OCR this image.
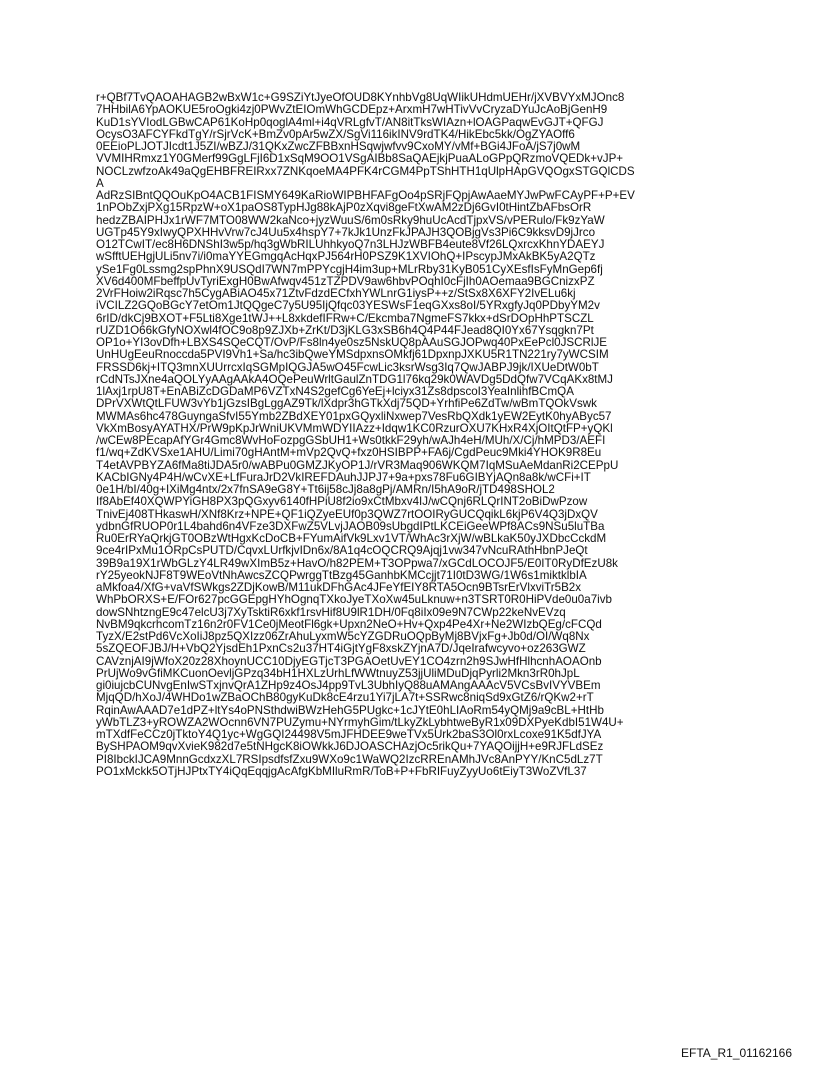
r+QBf7TvQAOAHAGB2wBxW1c+G9SZiYtJyeOfOUD8KYnhbVg8UqWIikUHdmUEHr/jXVBVYxMJOnc8
7HHbilA6YpAOKUE5roOgki4zj0PWvZtEIOmWhGCDEpz+ArxmH7wHTivVvCryzaDYuJcAoBjGenH9
KuD1sYVIodLGBwCAP61KoHp0qoglA4ml+i4qVRLgfvT/AN8itTksWIAzn+lOAGPaqwEvGJT+QFGJ
OcysO3AFCYFkdTgY/rSjrVcK+BmZv0pAr5wZX/SgVi116ikINV9rdTK4/HikEbc5kk/OgZYAOff6
0EEioPLJOTJIcdt1J5ZI/wBZJ/31QKxZwcZFBBxnHSqwjwfvv9CxoMY/vMf+BGi4JFoA/jS7j0wM
VVMIHRmxz1Y0GMerf99GgLFjI6D1xSqM9OO1VSgAIBb8SaQAEjkjPuaALoGPpQRzmoVQEDk+vJP+
NOCLzwfzoAk49aQgEHBFREIRxx7ZNKqoeMA4PFK4rCGM4PpTShHTH1qUlpHApGVQOgxSTGQlCDS
A
AdRzSIBntQQOuKpO4ACB1FISMY649KaRioWIPBHFAFgOo4pSRjFQpjAwAaeMYJwPwFCAyPF+P+EV
1nPObZxjPXg15RpzW+oX1paOS8TypHJg88kAjP0zXqvi8geFtXwAM2zDj6GvI0tHintZbAFbsOrR
hedzZBAIPHJx1rWF7MTO08WW2kaNco+jyzWuuS/6m0sRky9huUcAcdTjpxVS/vPERulo/Fk9zYaW
UGTp45Y9xIwyQPXHHvVrw7cJ4Uu5x4hspY7+7kJk1UnzFkJPAJH3QOBjgVs3Pi6C9kksvD9jJrco
O12TCwIT/ec8H6DNShI3w5p/hq3gWbRILUhhkyoQ7n3LHJzWBFB4eute8Vf26LQxrcxKhnYDAEYJ
wSfftUEHgjULi5nv7i/i0maYYEGmgqAcHqxPJ564rH0PSZ9K1XVIOhQ+IPscypJMxAkBK5yA2QTz
ySe1Fg0Lssmg2spPhnX9USQdI7WN7mPPYcgjH4im3up+MLrRby31KyB051CyXEsfIsFyMnGep6fj
XV6d400MFbeffpUvTyriExgH0BwAfwqv451zTZPDV9aw6hbvPOqhI0cFjIh0AOemaa9BGCnizxPZ
2VrFHoiw2iRqsc7h5CygABiAO45x71ZtvFdzdECfxhYWLnrG1iysP++z/StSx8X6XFY2IvELu6kj
iVCILZ2GQoBGcY7etOm1JtQQgeC7y5U95IjQfqc03YESWsF1eqGXxs8oI/5YRxgfyJq0PDbyYM2v
6rID/dkCj9BXOT+F5Lti8Xge1tWJ++L8xkdefIFRw+C/Ekcmba7NgmeFS7kkx+dSrDOpHhPTSCZL
rUZD1O66kGfyNOXwl4fOC9o8p9ZJXb+ZrKt/D3jKLG3xSB6h4Q4P44FJead8QI0Yx67Ysqgkn7Pt
OP1o+YI3ovDfh+LBXS4SQeCQT/OvP/Fs8ln4ye0sz5NskUQ8pAAuSGJOPwq40PxEePcl0JSCRlJE
UnHUgEeuRnoccda5PVI9Vh1+Sa/hc3ibQweYMSdpxnsOMkfj61DpxnpJXKU5R1TN221ry7yWCSIM
FRSSD6kj+ITQ3mnXUUrrcxIqSGMpIQGJA5wO45FcwLic3ksrWsg3Iq7QwJABPJ9jk/IXUeDtW0bT
rCdNTsJXne4aQOLYyAAgAAkA4OQePeuWrltGaulZnTDG1l76kq29k0WAVDg5DdQfw7VCqAKx8tMJ
1lAxj1rpU8T+EnABiZcDGDaMP6VZTxN4S2gefCg6YeEj+lciyx31Zs8dpscoI3YeaInlihfBCmQA
DPrVXWtQtLFUW3vYb1jGzsIBgLggAZ9Tk/lXdpr3hGTkXdj75QD+YrhfiPe6ZdTw/wBmTQOkVswk
MWMAs6hc478GuyngaSfvI55Ymb2ZBdXEY01pxGQyxliNxwep7VesRbQXdk1yEW2EytK0hyAByc57
VkXmBosyAYATHX/PrW9pKpJrWniUKVMmWDYIIAzz+Idqw1KC0RzurOXU7KHxR4XjOItQtFP+yQKl
/wCEw8PEcapAfYGr4Gmc8WvHoFozpgGSbUH1+Ws0tkkF29yh/wAJh4eH/MUh/X/Cj/hMPD3/AEFI
f1/wq+ZdKVSxe1AHU/Limi70gHAntM+mVp2QvQ+fxz0HSIBPP+FA6j/CgdPeuc9Mki4YHOK9R8Eu
T4etAVPBYZA6fMa8tiJDA5r0/wABPu0GMZJKyOP1J/rVR3Maq906WKQM7IqMSuAeMdanRi2CEPpU
KACbIGNy4P4H/wCvXE+LfFuraJrD2VkIREFDAuhJJPJ7+9a+pxs78Fu6GIBYjAQn8a8k/wCFi+IT
0e1H/bI/40g+IXiMg4ntx/2x7fnSA9eG8Y+Tt6ij58cJj8a8gPj/AMRn/I5hA9oR/jTD498SHOL2
If8AbEf40XQWPYiGH8PX3pQGxyv6140fHPiU8f2io9xCtMbxv4IJ/wCQnj6RLQrINT2oBiDwPzow
TnivEj408THkaswH/XNf8Krz+NPE+QF1iQZyeEUf0p3QWZ7rtOOIRyGUCQqikL6kjP6V4Q3jDxQV
ydbnGfRUOP0r1L4bahd6n4VFze3DXFwZ5VLvjJAOB09sUbgdIPtLKCEiGeeWPf8ACs9NSu5luTBa
Ru0ErRYaQrkjGT0OBzWtHgxKcDoCB+FYumAifVk9Lxv1VT/WhAc3rXjW/wBLkaK50yJXDbcCckdM
9ce4rIPxMu1ORpCsPUTD/CqvxLUrfkjvIDn6x/8A1q4cOQCRQ9Ajqj1vw347vNcuRAthHbnPJeQt
39B9a19X1rWbGLzY4LR49wXImB5z+HavO/h82PEM+T3OPpwa7/xGCdLOCOJF5/E0IT0RyDfEzU8k
rY25yeokNJF8T9WEoVtNhAwcsZCQPwrggTtBzg45GanhbKMCcjjt71I0tD3WG/1W6s1miktklbIA
aMkfoa4/XfG+vaVfSWkgs2ZDjKowB/M11ukDFhGAc4JFeYfEIY8RTA5Ocn9BTsrErVlxviTr5B2x
WhPbORXS+E/FOr627pcGGEpgHYhOgnqTXkoJyeTXoXw45uLknuw+n3TSRT0R0HiPVde0u0a7ivb
dowSNhtzngE9c47elcU3j7XyTsktiR6xkf1rsvHif8U9lR1DH/0Fq8iIx09e9N7CWp22keNvEVzq
NvBM9qkcrhcomTz16n2r0FV1Ce0jMeotFl6gk+Upxn2NeO+Hv+Qxp4Pe4Xr+Ne2WIzbQEg/cFCQd
TyzX/E2stPd6VcXoIiJ8pz5QXIzz06ZrAhuLyxmW5cYZGDRuOQpByMj8BVjxFg+Jb0d/OI/Wq8Nx
5sZQEOFJBJ/H+VbQ2YjsdEh1PxnCs2u37HT4iGjtYgF8xskZYjnA7D/JqeIrafwcyvo+oz263GWZ
CAVznjAI9jWfoX20z28XhoynUCC10DjyEGTjcT3PGAOetUvEY1CO4zrn2h9SJwHfHlhcnhAOAOnb
PrUjWo9vGfiMKCuonOevljGPzq34bH1HXLzUrhLfWWtnuyZ53jjUliMDuDjqPyrli2Mkn3rR0hJpL
gi0iujcbCUNvgEnIwSTxjnvQrA1ZHp9z4OsJ4pp9TvL3UbhIyQ88uAMAngAAAcV5VCsBvIVYVBEm
MjqQD/hXoJ/4WHDo1wZBaOChB80gyKuDk8cE4rzu1Yi7jLA7t+SSRwc8niqSd9xGtZ6/rQKw2+rT
RqinAwAAAD7e1dPZ+ltYs4oPNSthdwiBWzHehG5PUgkc+1cJYtE0hLIAoRm54yQMj9a9cBL+HtHb
yWbTLZ3+yROWZA2WOcnn6VN7PUZymu+NYrmyhGim/tLkyZkLybhtweByR1x09DXPyeKdbI51W4U+
mTXdfFeCCz0jTktoY4Q1yc+WgGQI24498V5mJFHDEE9weTVx5Urk2baS3Ol0rxLcoxe91K5dfJYA
BySHPAOM9qvXvieK982d7e5tNHgcK8iOWkkJ6DJOASCHAzjOc5rikQu+7YAQOijjH+e9RJFLdSEz
PI8IbckIJCA9MnnGcdxzXL7RSIpsdfsfZxu9WXo9c1WaWQ2IzcRREnAMhJVc8AnPYY/KnC5dLz7T
PO1xMckk5OTjHJPtxTY4iQqEqqjgAcAfgKbMIluRmR/ToB+P+FbRIFuyZyyUo6tEiyT3WoZVfL37
EFTA_R1_01162166
